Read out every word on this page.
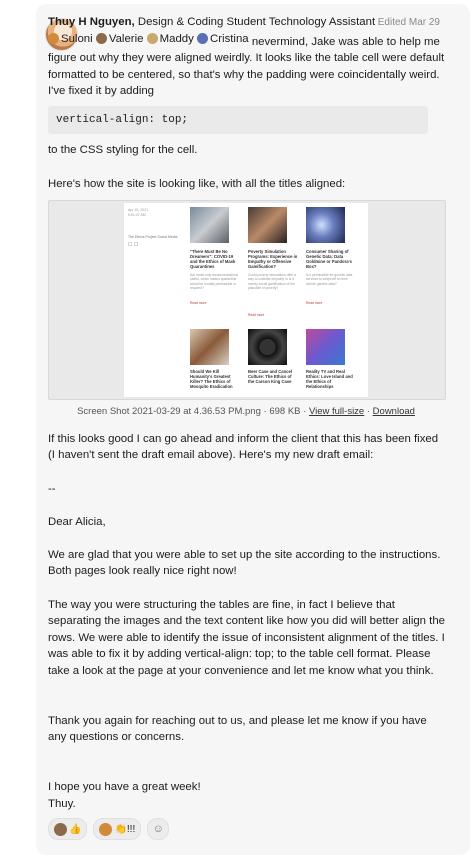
Edited Mar 29
Thuy H Nguyen, Design & Coding Student Technology Assistant
Suloni
Valerie
Maddy
Cristina nevermind, Jake was able to help me figure out why they were aligned weirdly. It looks like the table cell were default formatted to be centered, so that's why the padding were coincidentally weird. I've fixed it by adding
vertical-align: top;
to the CSS styling for the cell.
Here's how the site is looking like, with all the titles aligned:
Apr 15, 2021 6:51:47 AM
The Ethics Project Social Media
☐ ☐
"There Must Be No Dreamers": COVID-19 and the Ethics of Mask Quarantines
Poverty Simulation Programs: Experience in Empathy or Offensive Gamification?
Consumer Sharing of Genetic Data: Data Goldmine or Pandora's Box?
Are mask-only recommendations useful, which means quarantine would be morally permissible or required?
Could poverty simulations offer a way to cultivate empathy or is it merely social gamification of the plausible of poverty?
Is it permissible for genetic data services to sell/profit on their clients' genetic data?
Read more
Read more
Read more
Should We Kill Humanity's Greatest Killer? The Ethics of Mosquito Eradication
Beer Case and Cancel Culture: The Ethics of the Carson King Case
Reality TV and Real Ethics: Love Island and the Ethics of Relationships
Screen Shot 2021-03-29 at 4.36.53 PM.png · 698 KB · View full-size · Download
If this looks good I can go ahead and inform the client that this has been fixed (I haven't sent the draft email above). Here's my new draft email:

--

Dear Alicia,

We are glad that you were able to set up the site according to the instructions. Both pages look really nice right now!

The way you were structuring the tables are fine, in fact I believe that separating the images and the text content like how you did will better align the rows. We were able to identify the issue of inconsistent alignment of the titles. I was able to fix it by adding vertical-align: top; to the table cell format. Please take a look at the page at your convenience and let me know what you think.

Thank you again for reaching out to us, and please let me know if you have any questions or concerns.

I hope you have a great week!
Thuy.
👍	👏!!! ☺
